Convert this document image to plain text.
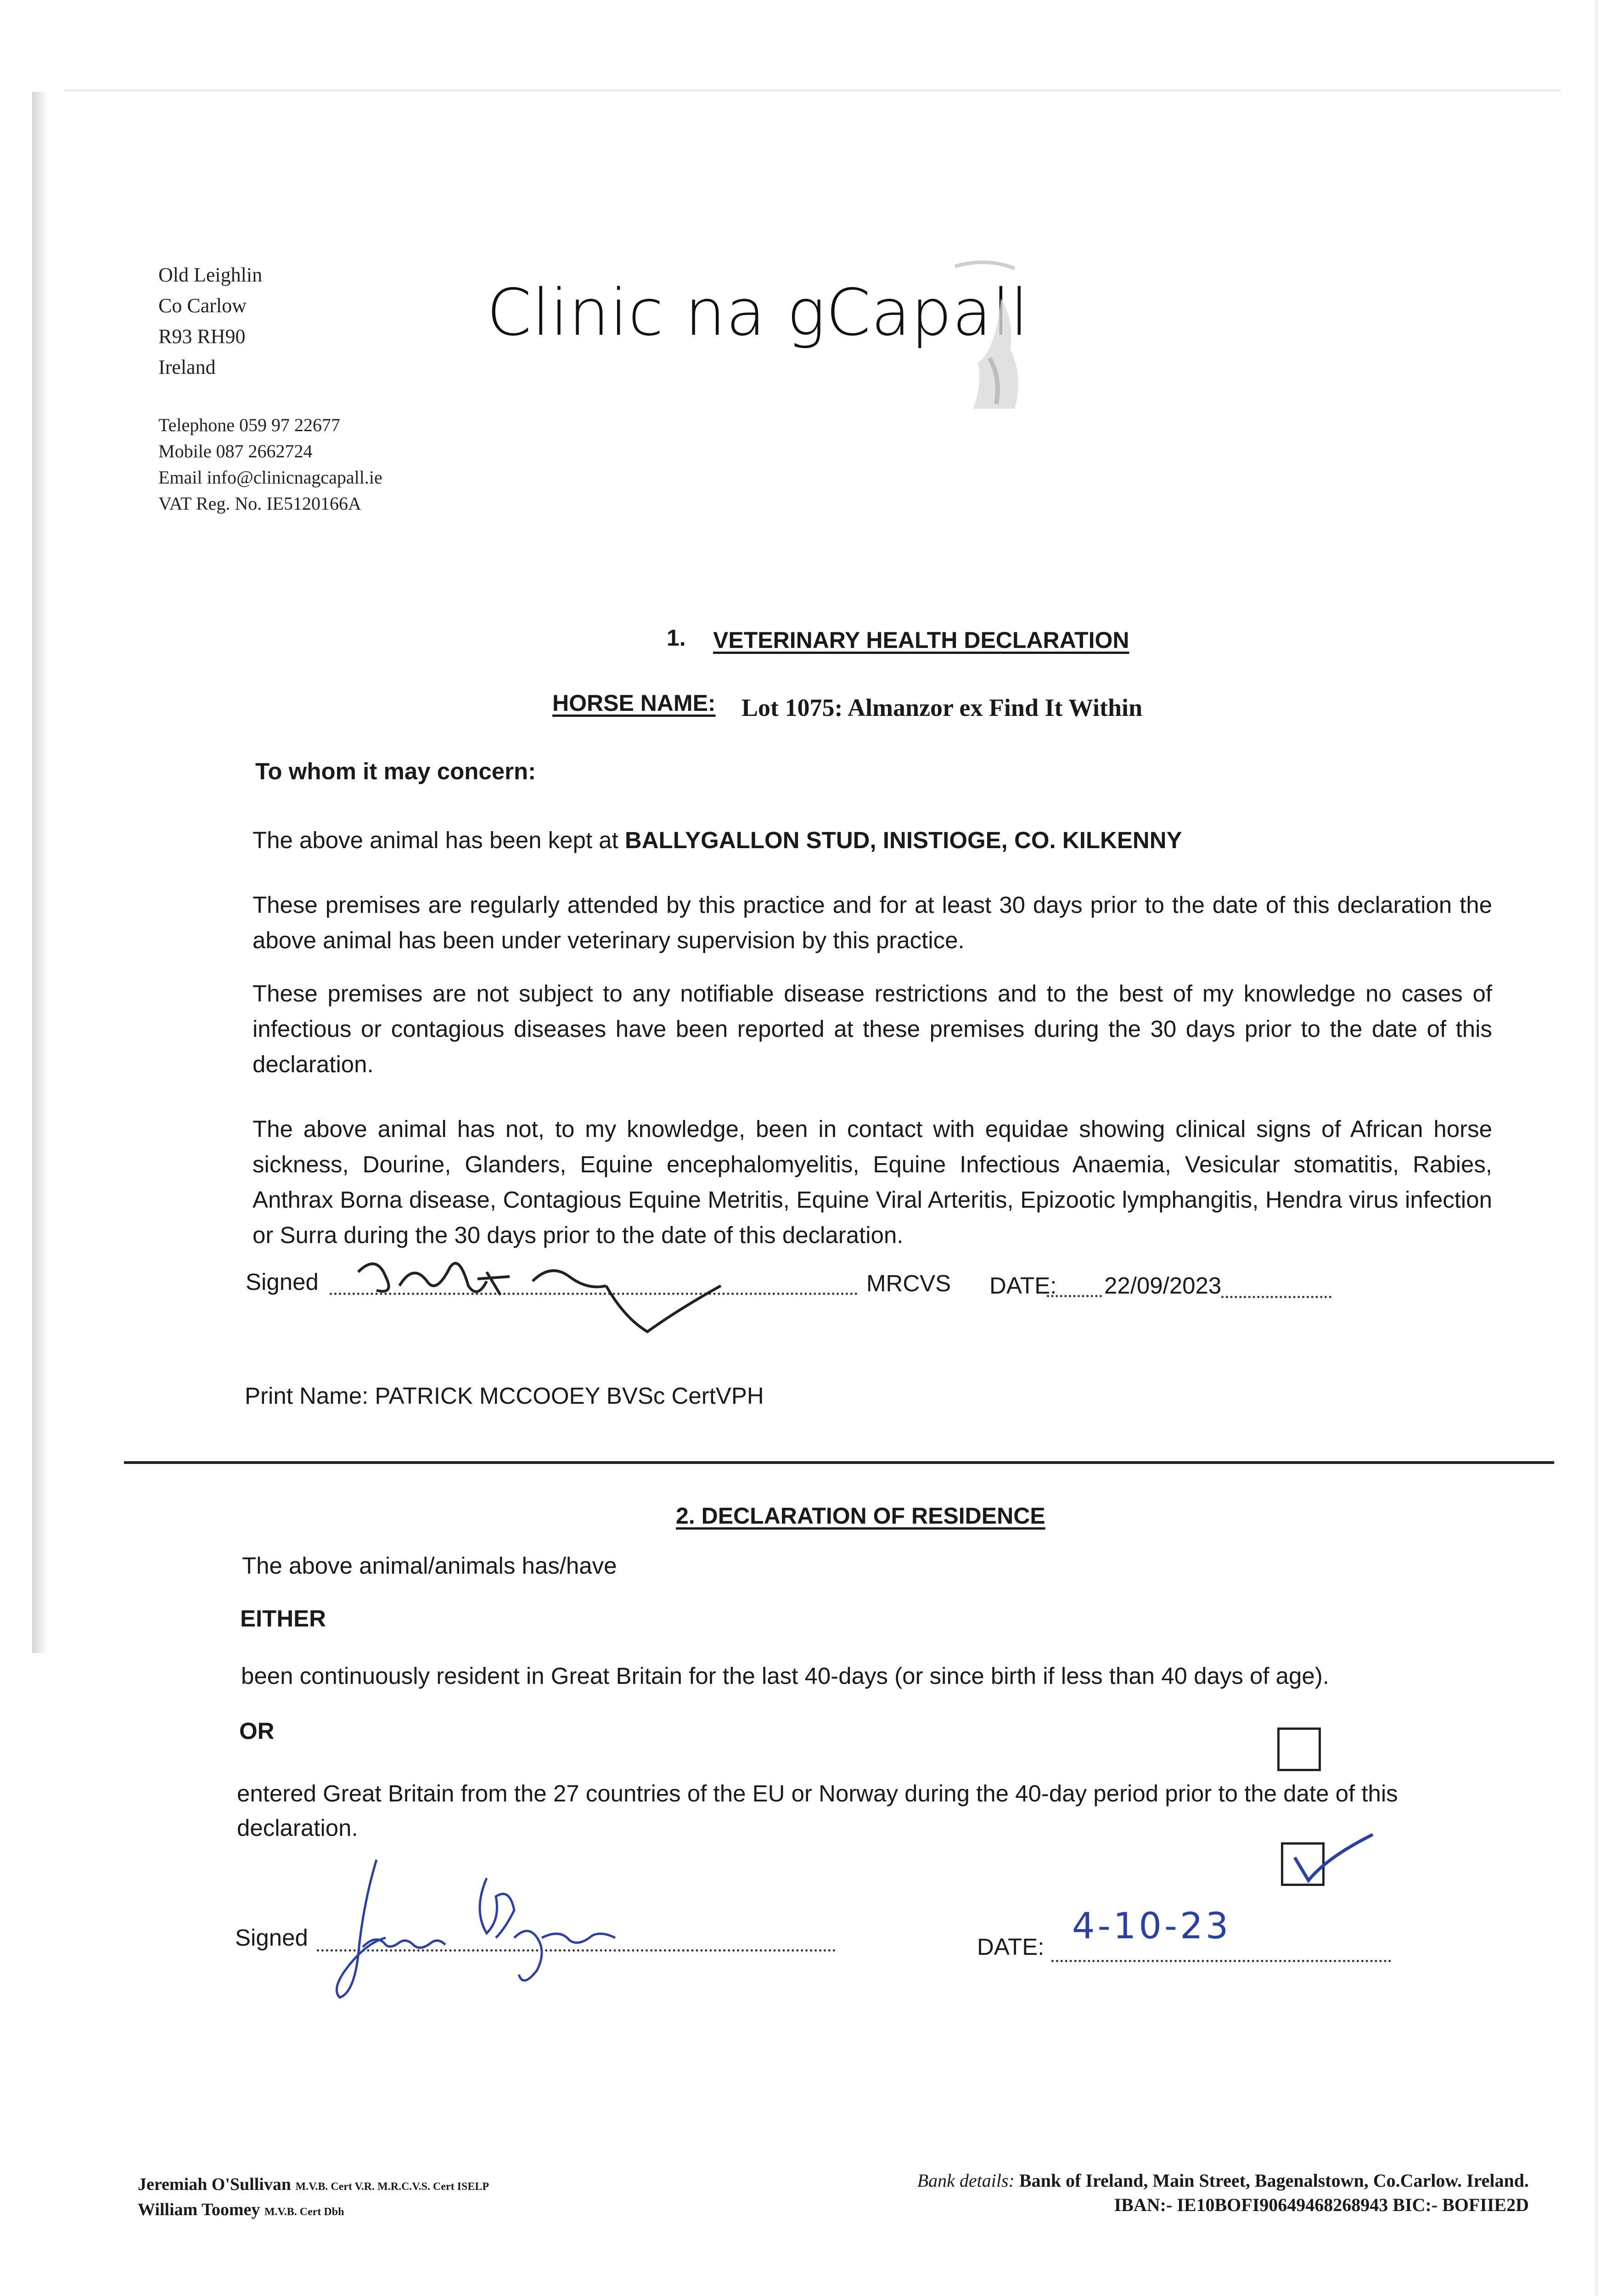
Old Leighlin
Co Carlow
R93 RH90
Ireland
Telephone 059 97 22677
Mobile 087 2662724
Email info@clinicnagcapall.ie
VAT Reg. No. IE5120166A
Clinic na gCapall
1. VETERINARY HEALTH DECLARATION
HORSE NAME: Lot 1075: Almanzor ex Find It Within
To whom it may concern:
The above animal has been kept at BALLYGALLON STUD, INISTIOGE, CO. KILKENNY
These premises are regularly attended by this practice and for at least 30 days prior to the date of this declaration the above animal has been under veterinary supervision by this practice.
These premises are not subject to any notifiable disease restrictions and to the best of my knowledge no cases of infectious or contagious diseases have been reported at these premises during the 30 days prior to the date of this declaration.
The above animal has not, to my knowledge, been in contact with equidae showing clinical signs of African horse sickness, Dourine, Glanders, Equine encephalomyelitis, Equine Infectious Anaemia, Vesicular stomatitis, Rabies, Anthrax Borna disease, Contagious Equine Metritis, Equine Viral Arteritis, Epizootic lymphangitis, Hendra virus infection or Surra during the 30 days prior to the date of this declaration.
Signed	MRCVS DATE: 22/09/2023
Print Name: PATRICK MCCOOEY BVSc CertVPH
2. DECLARATION OF RESIDENCE
The above animal/animals has/have
EITHER
been continuously resident in Great Britain for the last 40-days (or since birth if less than 40 days of age).
OR
entered Great Britain from the 27 countries of the EU or Norway during the 40-day period prior to the date of this declaration.
Signed	DATE: 4-10-23
Jeremiah O'Sullivan M.V.B. Cert V.R. M.R.C.V.S. Cert ISELP
William Toomey M.V.B. Cert Dbh
Bank details: Bank of Ireland, Main Street, Bagenalstown, Co.Carlow. Ireland.
IBAN:- IE10BOFI90649468268943 BIC:- BOFIIE2D
